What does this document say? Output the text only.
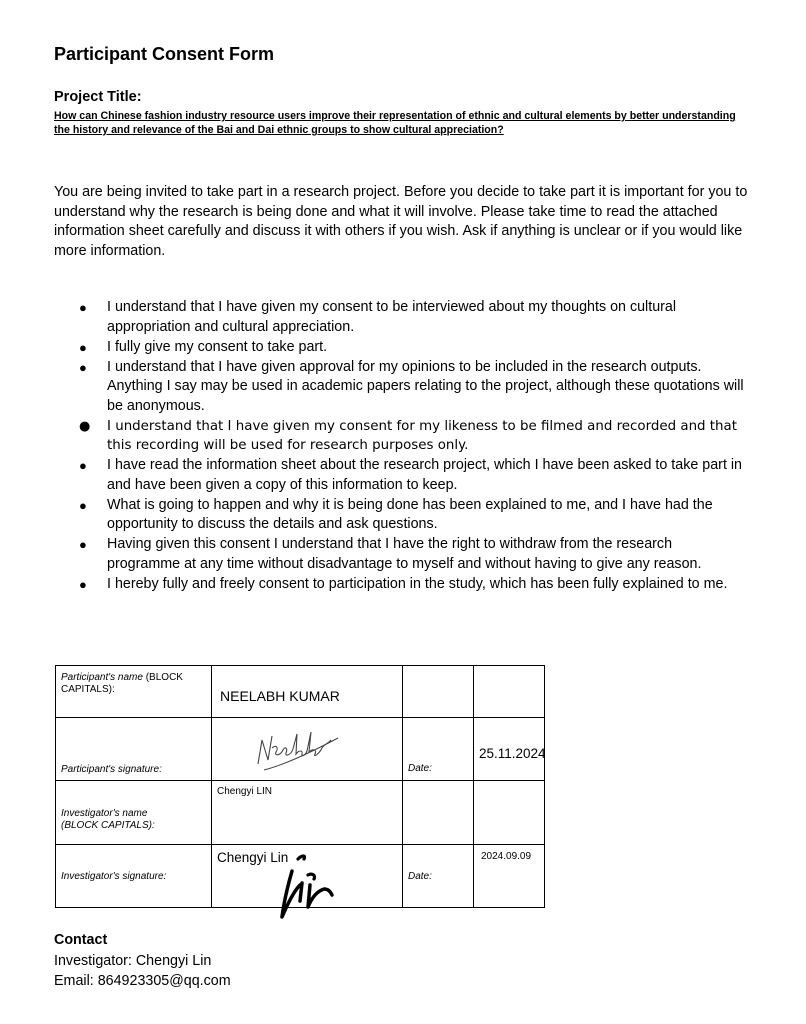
Participant Consent Form
Project Title:

How can Chinese fashion industry resource users improve their representation of ethnic and cultural elements by better understanding the history and relevance of the Bai and Dai ethnic groups to show cultural appreciation?

You are being invited to take part in a research project. Before you decide to take part it is important for you to understand why the research is being done and what it will involve. Please take time to read the attached information sheet carefully and discuss it with others if you wish. Ask if anything is unclear or if you would like more information.

● I understand that I have given my consent to be interviewed about my thoughts on cultural appropriation and cultural appreciation.
● I fully give my consent to take part.
● I understand that I have given approval for my opinions to be included in the research outputs. Anything I say may be used in academic papers relating to the project, although these quotations will be anonymous.
● I understand that I have given my consent for my likeness to be filmed and recorded and that this recording will be used for research purposes only.
● I have read the information sheet about the research project, which I have been asked to take part in and have been given a copy of this information to keep.
● What is going to happen and why it is being done has been explained to me, and I have had the opportunity to discuss the details and ask questions.
● Having given this consent I understand that I have the right to withdraw from the research programme at any time without disadvantage to myself and without having to give any reason.
● I hereby fully and freely consent to participation in the study, which has been fully explained to me.
Participant's name (BLOCK CAPITALS):	NEELABH KUMAR		

Participant's signature:		Date:	25.11.2024

Investigator's name (BLOCK CAPITALS):	Chengyi LIN		

Investigator's signature:	Chengyi Lin	Date:	2024.09.09
Contact
Investigator: Chengyi Lin
Email: 864923305@qq.com
